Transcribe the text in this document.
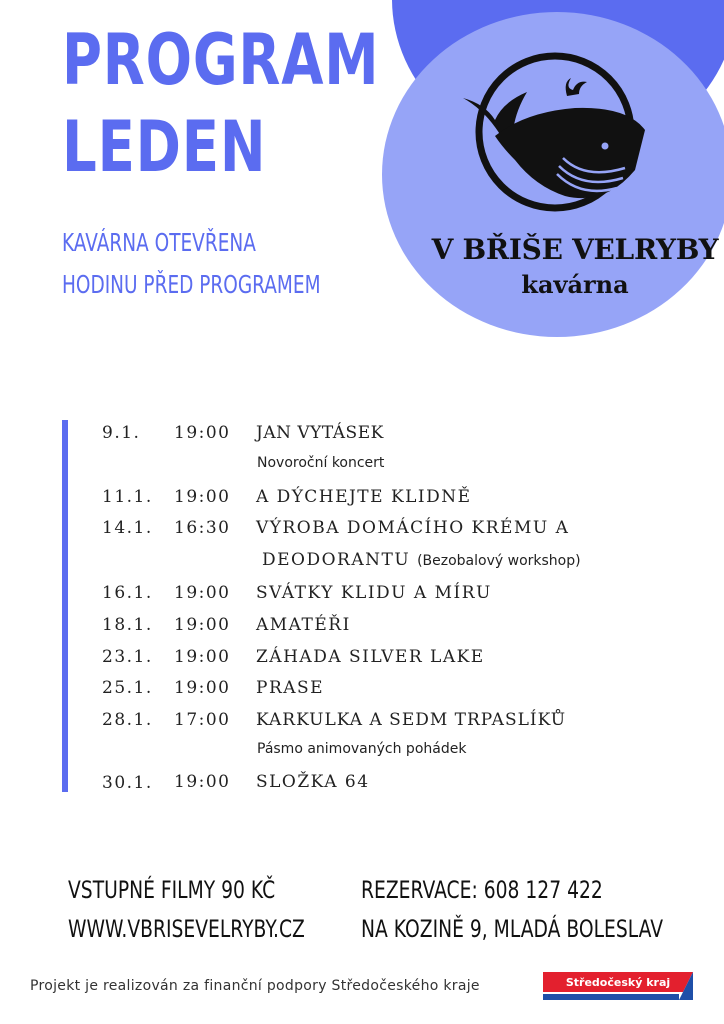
V BŘIŠE VELRYBY
kavárna
PROGRAM
LEDEN
KAVÁRNA OTEVŘENA
HODINU PŘED PROGRAMEM
9.1. 19:00 JAN VYTÁSEK
Novoroční koncert
11.1. 19:00 A DÝCHEJTE KLIDNĚ
14.1. 16:30 VÝROBA DOMÁCÍHO KRÉMU A
DEODORANTU (Bezobalový workshop)
16.1. 19:00 SVÁTKY KLIDU A MÍRU
18.1. 19:00 AMATÉŘI
23.1. 19:00 ZÁHADA SILVER LAKE
25.1. 19:00 PRASE
28.1. 17:00 KARKULKA A SEDM TRPASLÍKŮ
Pásmo animovaných pohádek
30.1. 19:00 SLOŽKA 64
VSTUPNÉ FILMY 90 KČ
WWW.VBRISEVELRYBY.CZ
REZERVACE: 608 127 422
NA KOZINĚ 9, MLADÁ BOLESLAV
Projekt je realizován za finanční podpory Středočeského kraje	Středočeský kraj
